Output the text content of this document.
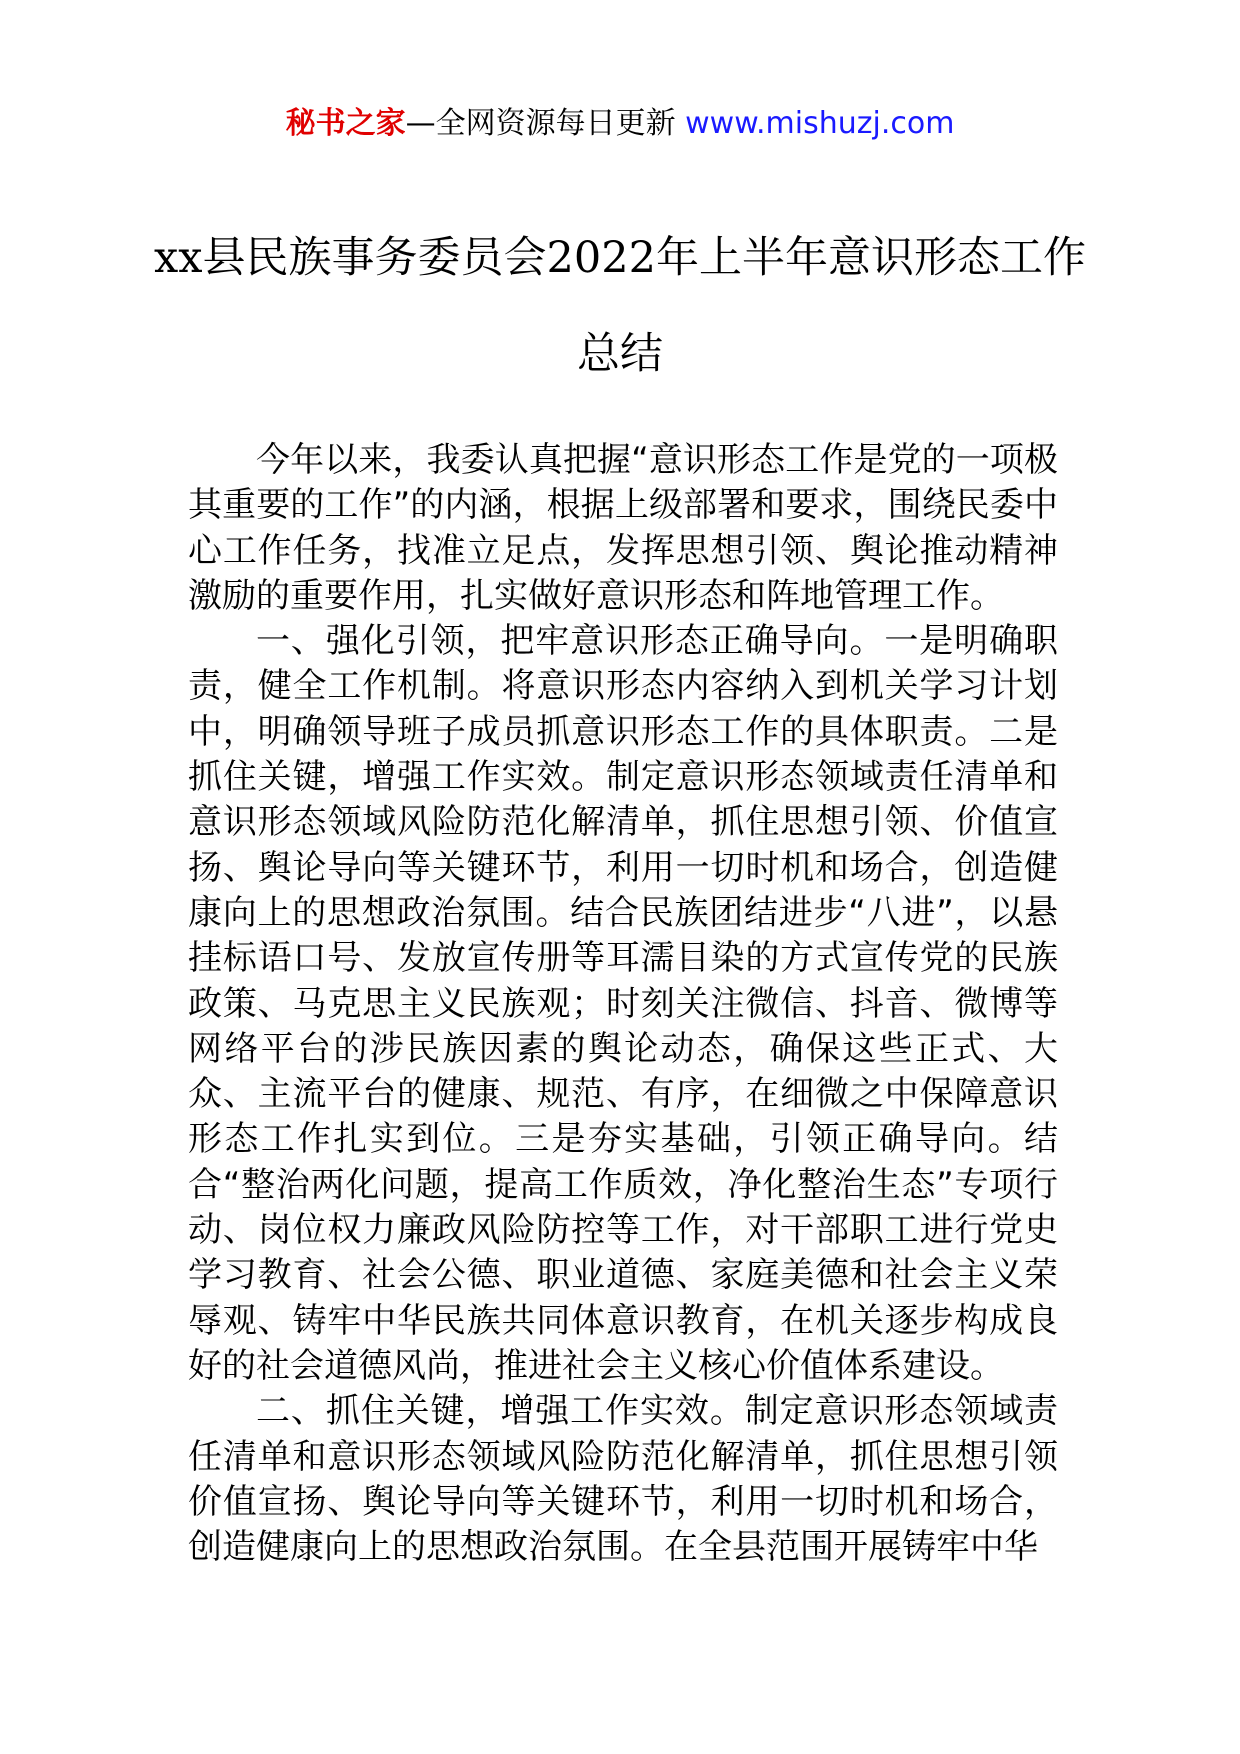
秘书之家—全网资源每日更新 www.mishuzj.com
xx县民族事务委员会2022年上半年意识形态工作总结

今年以来，我委认真把握“意识形态工作是党的一项极其重要的工作”的内涵，根据上级部署和要求，围绕民委中心工作任务，找准立足点，发挥思想引领、舆论推动精神激励的重要作用，扎实做好意识形态和阵地管理工作。

一、强化引领，把牢意识形态正确导向。一是明确职责，健全工作机制。将意识形态内容纳入到机关学习计划中，明确领导班子成员抓意识形态工作的具体职责。二是抓住关键，增强工作实效。制定意识形态领域责任清单和意识形态领域风险防范化解清单，抓住思想引领、价值宣扬、舆论导向等关键环节，利用一切时机和场合，创造健康向上的思想政治氛围。结合民族团结进步“八进”，以悬挂标语口号、发放宣传册等耳濡目染的方式宣传党的民族政策、马克思主义民族观；时刻关注微信、抖音、微博等网络平台的涉民族因素的舆论动态，确保这些正式、大众、主流平台的健康、规范、有序，在细微之中保障意识形态工作扎实到位。三是夯实基础，引领正确导向。结合“整治两化问题，提高工作质效，净化整治生态”专项行动、岗位权力廉政风险防控等工作，对干部职工进行党史学习教育、社会公德、职业道德、家庭美德和社会主义荣辱观、铸牢中华民族共同体意识教育，在机关逐步构成良好的社会道德风尚，推进社会主义核心价值体系建设。

二、抓住关键，增强工作实效。制定意识形态领域责任清单和意识形态领域风险防范化解清单，抓住思想引领价值宣扬、舆论导向等关键环节，利用一切时机和场合，创造健康向上的思想政治氛围。在全县范围开展铸牢中华
